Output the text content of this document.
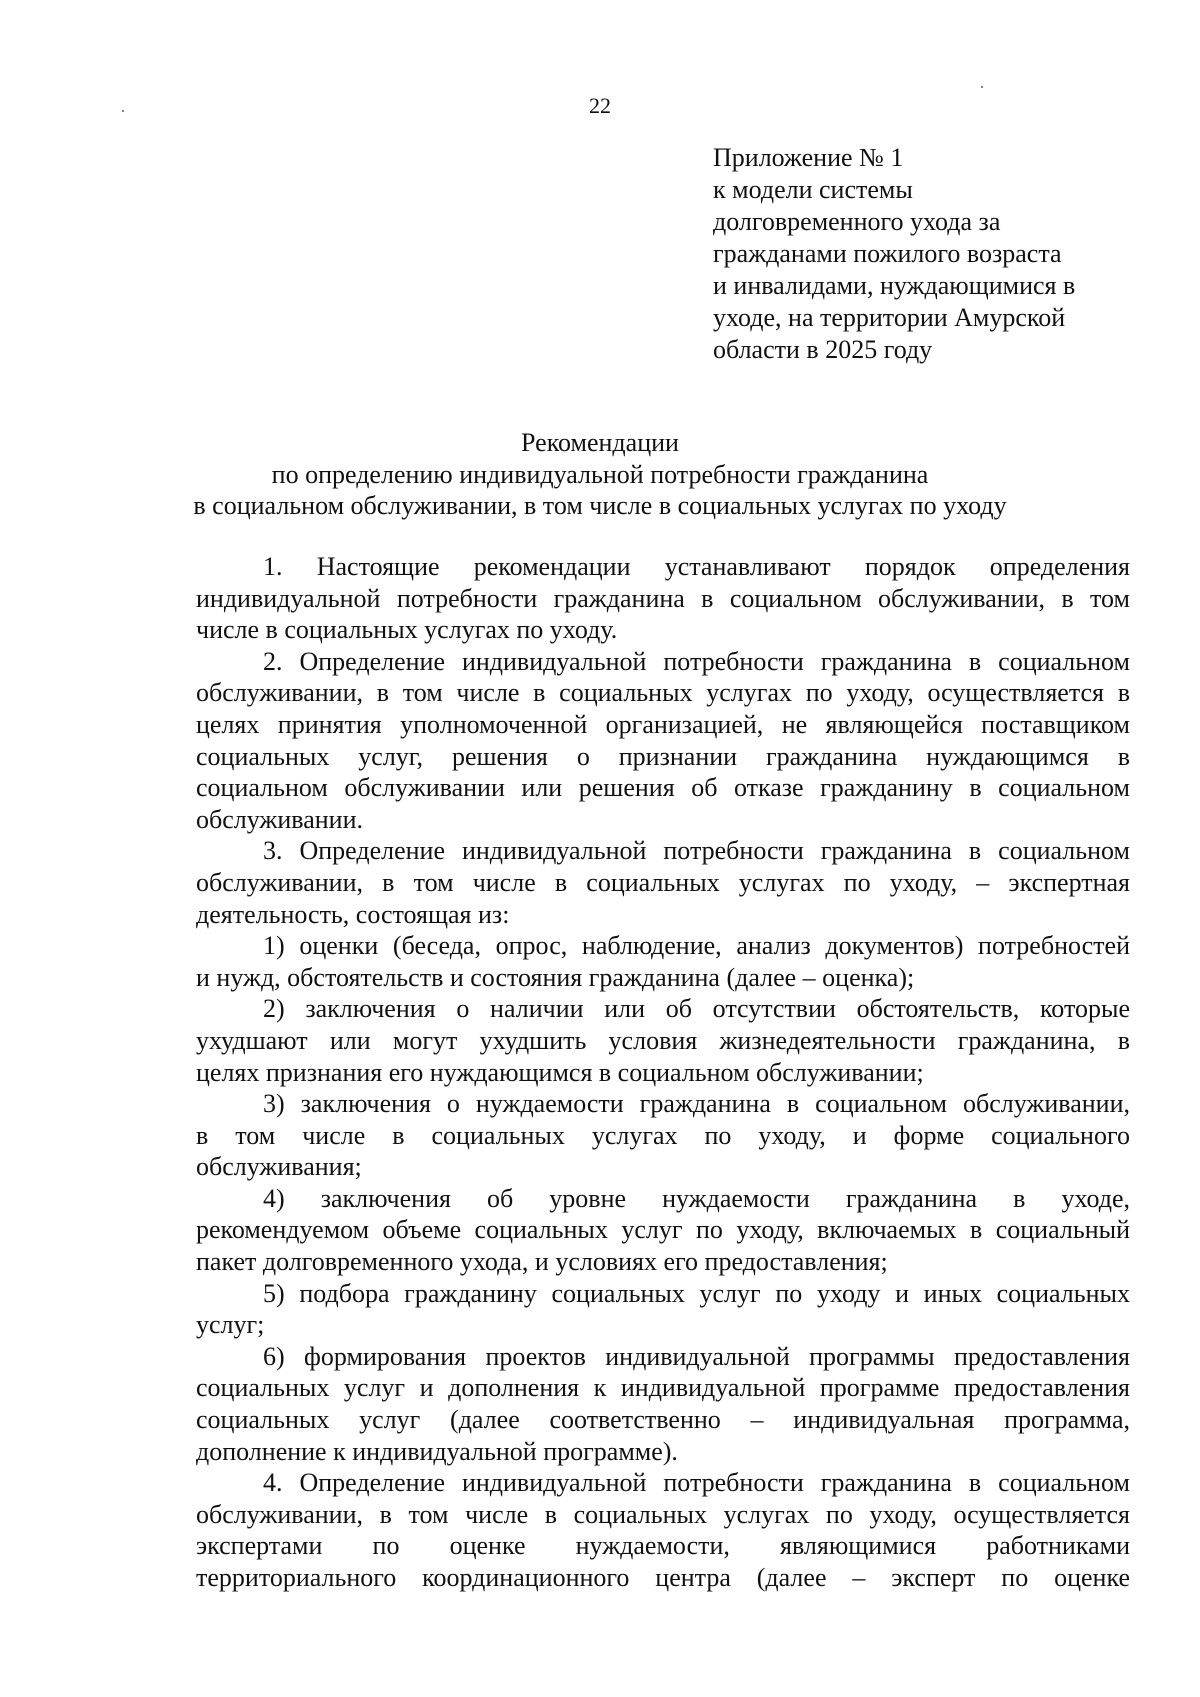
22
Приложение № 1
к модели системы
долговременного ухода за
гражданами пожилого возраста
и инвалидами, нуждающимися в
уходе, на территории Амурской
области в 2025 году
Рекомендации
по определению индивидуальной потребности гражданина
в социальном обслуживании, в том числе в социальных услугах по уходу

1. Настоящие рекомендации устанавливают порядок определения
индивидуальной потребности гражданина в социальном обслуживании, в том
числе в социальных услугах по уходу.

2. Определение индивидуальной потребности гражданина в социальном
обслуживании, в том числе в социальных услугах по уходу, осуществляется в
целях принятия уполномоченной организацией, не являющейся поставщиком
социальных услуг, решения о признании гражданина нуждающимся в
социальном обслуживании или решения об отказе гражданину в социальном
обслуживании.

3. Определение индивидуальной потребности гражданина в социальном
обслуживании, в том числе в социальных услугах по уходу, – экспертная
деятельность, состоящая из:

1) оценки (беседа, опрос, наблюдение, анализ документов) потребностей
и нужд, обстоятельств и состояния гражданина (далее – оценка);

2) заключения о наличии или об отсутствии обстоятельств, которые
ухудшают или могут ухудшить условия жизнедеятельности гражданина, в
целях признания его нуждающимся в социальном обслуживании;

3) заключения о нуждаемости гражданина в социальном обслуживании,
в том числе в социальных услугах по уходу, и форме социального
обслуживания;

4) заключения об уровне нуждаемости гражданина в уходе,
рекомендуемом объеме социальных услуг по уходу, включаемых в социальный
пакет долговременного ухода, и условиях его предоставления;

5) подбора гражданину социальных услуг по уходу и иных социальных
услуг;

6) формирования проектов индивидуальной программы предоставления
социальных услуг и дополнения к индивидуальной программе предоставления
социальных услуг (далее соответственно – индивидуальная программа,
дополнение к индивидуальной программе).

4. Определение индивидуальной потребности гражданина в социальном
обслуживании, в том числе в социальных услугах по уходу, осуществляется
экспертами по оценке нуждаемости, являющимися работниками
территориального координационного центра (далее – эксперт по оценке
